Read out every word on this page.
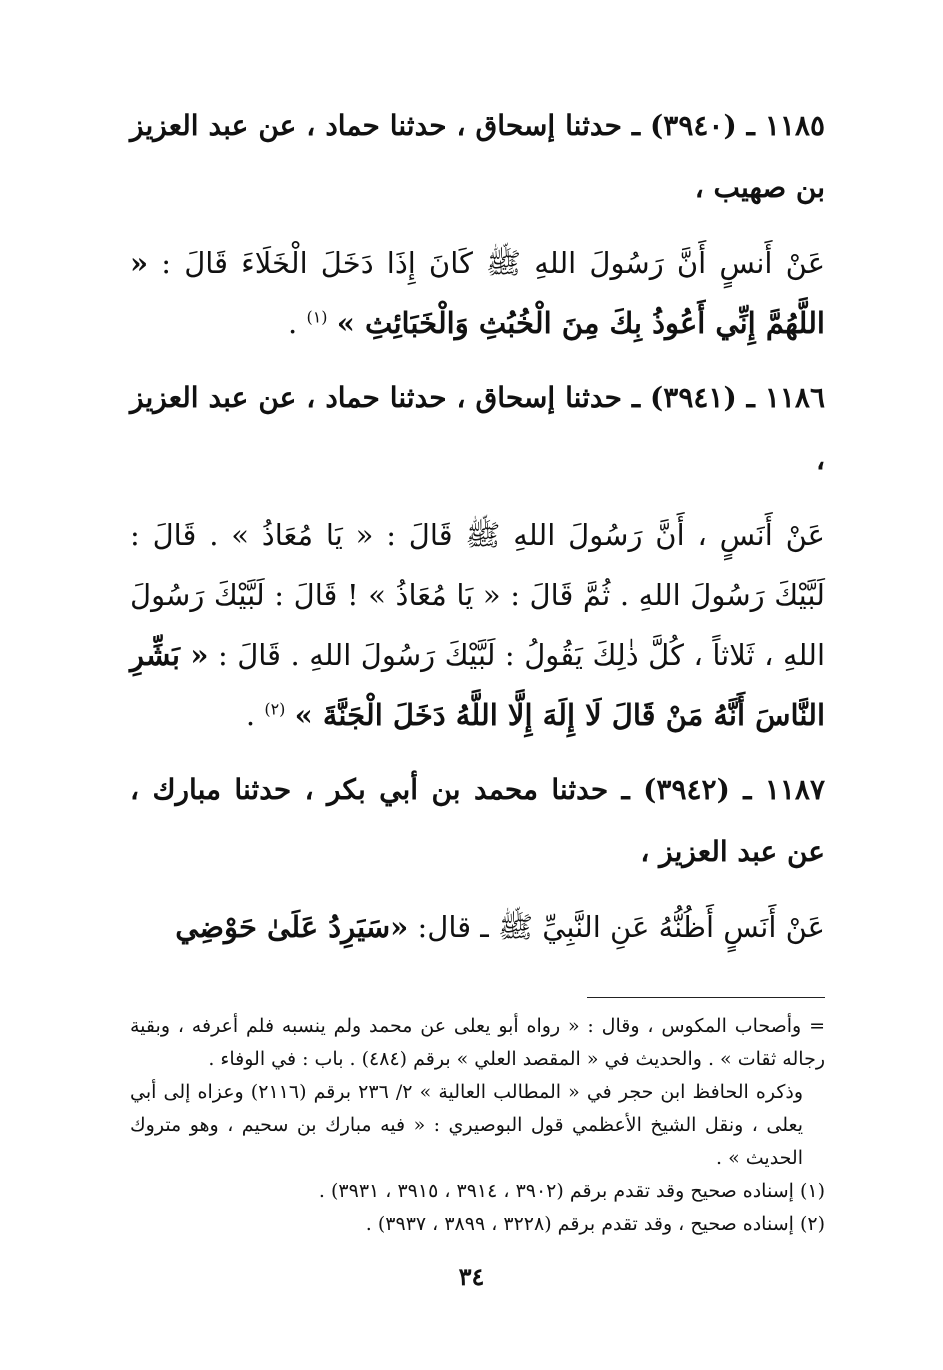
١١٨٥ ـ (٣٩٤٠) ـ حدثنا إسحاق ، حدثنا حماد ، عن عبد العزيز بن صهيب ،

عَنْ أَنسٍ أَنَّ رَسُولَ اللهِ ﷺ كَانَ إِذَا دَخَلَ الْخَلَاءَ قَالَ : « اللَّهُمَّ إِنِّي أَعُوذُ بِكَ مِنَ الْخُبُثِ وَالْخَبَائِثِ » $^{(١)}$ .

١١٨٦ ـ (٣٩٤١) ـ حدثنا إسحاق ، حدثنا حماد ، عن عبد العزيز ،

عَنْ أَنَسٍ ، أَنَّ رَسُولَ اللهِ ﷺ قَالَ : « يَا مُعَاذُ » . قَالَ : لَبَّيْكَ رَسُولَ اللهِ . ثُمَّ قَالَ : « يَا مُعَاذُ » ! قَالَ : لَبَّيْكَ رَسُولَ اللهِ ، ثَلاثاً ، كُلَّ ذٰلِكَ يَقُولُ : لَبَّيْكَ رَسُولَ اللهِ . قَالَ : « بَشِّرِ النَّاسَ أَنَّهُ مَنْ قَالَ لَا إِلَهَ إِلَّا اللَّهُ دَخَلَ الْجَنَّةَ » $^{(٢)}$ .

١١٨٧ ـ (٣٩٤٢) ـ حدثنا محمد بن أبي بكر ، حدثنا مبارك ، عن عبد العزيز ،

عَنْ أَنَسٍ أَظُنُّهُ عَنِ النَّبِيِّ ﷺ ـ قال: «سَيَرِدُ عَلَىٰ حَوْضِي

= وأصحاب المكوس ، وقال : « رواه أبو يعلى عن محمد ولم ينسبه فلم أعرفه ، وبقية رجاله ثقات » . والحديث في « المقصد العلي » برقم (٤٨٤) . باب : في الوفاء .

وذكره الحافظ ابن حجر في « المطالب العالية » ٢/ ٢٣٦ برقم (٢١١٦) وعزاه إلى أبي يعلى ، ونقل الشيخ الأعظمي قول البوصيري : « فيه مبارك بن سحيم ، وهو متروك الحديث » .

(١) إسناده صحيح وقد تقدم برقم (٣٩٠٢ ، ٣٩١٤ ، ٣٩١٥ ، ٣٩٣١) .

(٢) إسناده صحيح ، وقد تقدم برقم (٣٢٢٨ ، ٣٨٩٩ ، ٣٩٣٧) .

٣٤
